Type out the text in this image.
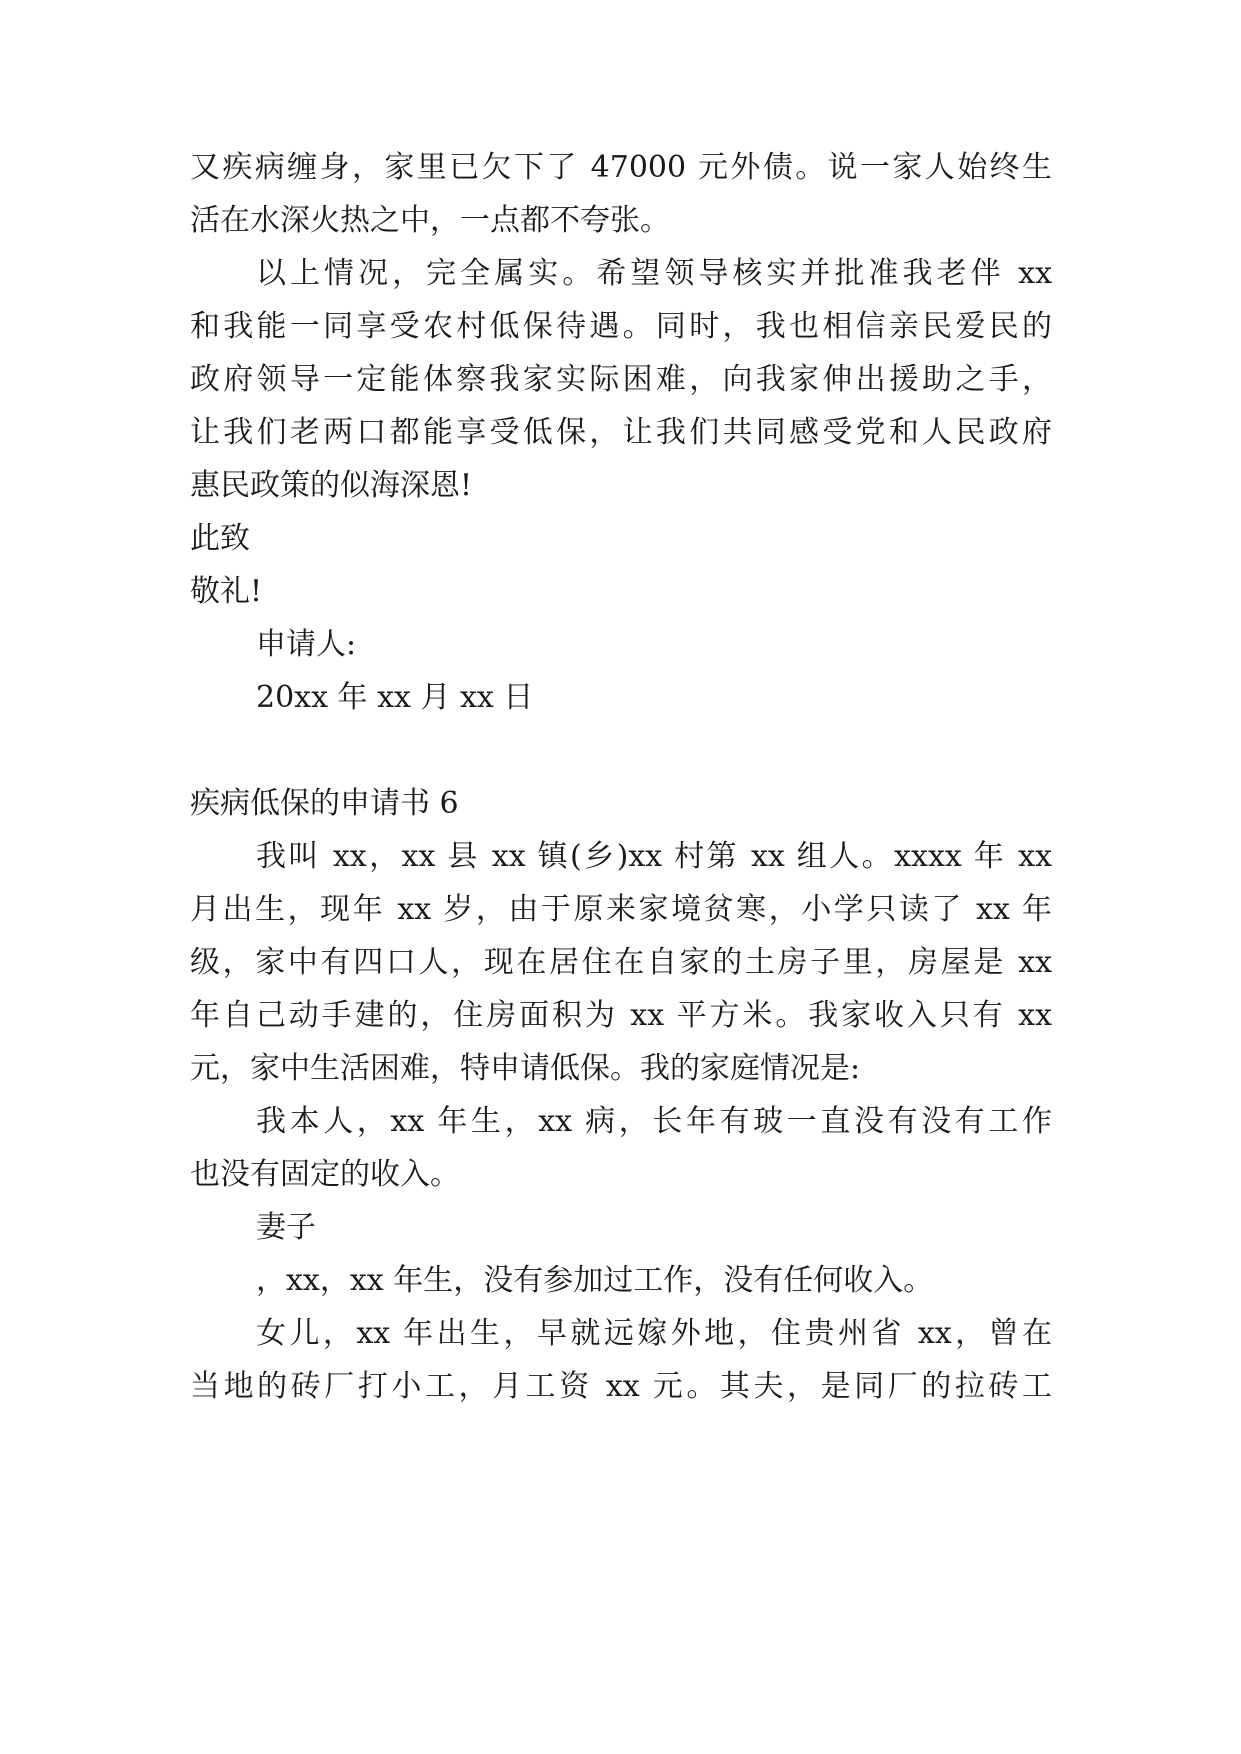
又疾病缠身，家里已欠下了 47000 元外债。说一家人始终生

活在水深火热之中，一点都不夸张。

以上情况，完全属实。希望领导核实并批准我老伴 xx

和我能一同享受农村低保待遇。同时，我也相信亲民爱民的

政府领导一定能体察我家实际困难，向我家伸出援助之手，

让我们老两口都能享受低保，让我们共同感受党和人民政府

惠民政策的似海深恩!

此致

敬礼!

申请人:

20xx 年 xx 月 xx 日

疾病低保的申请书 6

我叫 xx，xx 县 xx 镇(乡)xx 村第 xx 组人。xxxx 年 xx

月出生，现年 xx 岁，由于原来家境贫寒，小学只读了 xx 年

级，家中有四口人，现在居住在自家的土房子里，房屋是 xx

年自己动手建的，住房面积为 xx 平方米。我家收入只有 xx

元，家中生活困难，特申请低保。我的家庭情况是:

我本人，xx 年生，xx 病，长年有玻一直没有没有工作

也没有固定的收入。

妻子

，xx，xx 年生，没有参加过工作，没有任何收入。

女儿，xx 年出生，早就远嫁外地，住贵州省 xx，曾在

当地的砖厂打小工，月工资 xx 元。其夫，是同厂的拉砖工
